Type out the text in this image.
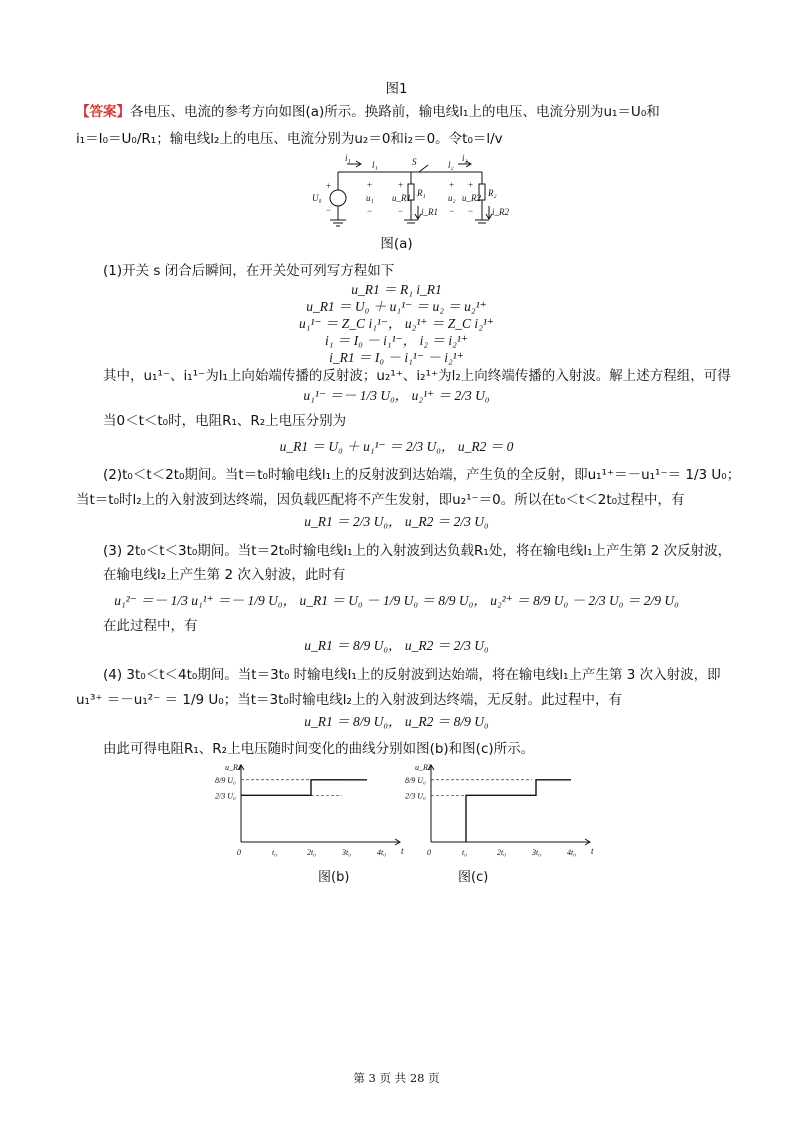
图1
【答案】各电压、电流的参考方向如图(a)所示。换路前，输电线l₁上的电压、电流分别为u₁＝U₀和
i₁＝I₀＝U₀/R₁；输电线l₂上的电压、电流分别为u₂＝0和i₂＝0。令t₀＝l/v
i₁
l₁	S	l₂
i₂
U₀	u₁ u_R1 R₁
i_R1
u₂ u_R2 R₂
i_R2
+
−
+
−
+
−
+
−
+
−
图(a)
(1)开关 s 闭合后瞬间，在开关处可列写方程如下
u_R1 ＝ R₁ i_R1
u_R1 ＝ U₀ ＋ u₁¹⁻ ＝ u₂ ＝ u₂¹⁺
u₁¹⁻ ＝ Z_C i₁¹⁻， u₂¹⁺ ＝ Z_C i₂¹⁺
i₁ ＝ I₀ － i₁¹⁻， i₂ ＝ i₂¹⁺
i_R1 ＝ I₀ － i₁¹⁻ － i₂¹⁺
其中，u₁¹⁻、i₁¹⁻为l₁上向始端传播的反射波；u₂¹⁺、i₂¹⁺为l₂上向终端传播的入射波。解上述方程组，可得
u₁¹⁻ ＝－ 1/3 U₀， u₂¹⁺ ＝ 2/3 U₀
当0＜t＜t₀时，电阻R₁、R₂上电压分别为
u_R1 ＝ U₀ ＋ u₁¹⁻ ＝ 2/3 U₀， u_R2 ＝ 0
(2)t₀＜t＜2t₀期间。当t＝t₀时输电线l₁上的反射波到达始端，产生负的全反射，即u₁¹⁺＝－u₁¹⁻＝ 1/3 U₀；
当t＝t₀时l₂上的入射波到达终端，因负载匹配将不产生发射，即u₂¹⁻＝0。所以在t₀＜t＜2t₀过程中，有
u_R1 ＝ 2/3 U₀， u_R2 ＝ 2/3 U₀
(3) 2t₀＜t＜3t₀期间。当t＝2t₀时输电线l₁上的入射波到达负载R₁处，将在输电线l₁上产生第 2 次反射波，
在输电线l₂上产生第 2 次入射波，此时有
u₁²⁻ ＝－ 1/3 u₁¹⁺ ＝－ 1/9 U₀， u_R1 ＝ U₀ － 1/9 U₀ ＝ 8/9 U₀， u₂²⁺ ＝ 8/9 U₀ － 2/3 U₀ ＝ 2/9 U₀
在此过程中，有
u_R1 ＝ 8/9 U₀， u_R2 ＝ 2/3 U₀
(4) 3t₀＜t＜4t₀期间。当t＝3t₀ 时输电线l₁上的反射波到达始端，将在输电线l₁上产生第 3 次入射波，即
u₁³⁺ ＝－u₁²⁻ ＝ 1/9 U₀；当t＝3t₀时输电线l₂上的入射波到达终端，无反射。此过程中，有
u_R1 ＝ 8/9 U₀， u_R2 ＝ 8/9 U₀
由此可得电阻R₁、R₂上电压随时间变化的曲线分别如图(b)和图(c)所示。
u_R1
t
8/9 U₀
2/3 U₀
0	t₀	2t₀	3t₀	4t₀
图(b)
u_R2
t
8/9 U₀
2/3 U₀
0	t₀	2t₀	3t₀	4t₀
图(c)
第 3 页 共 28 页
